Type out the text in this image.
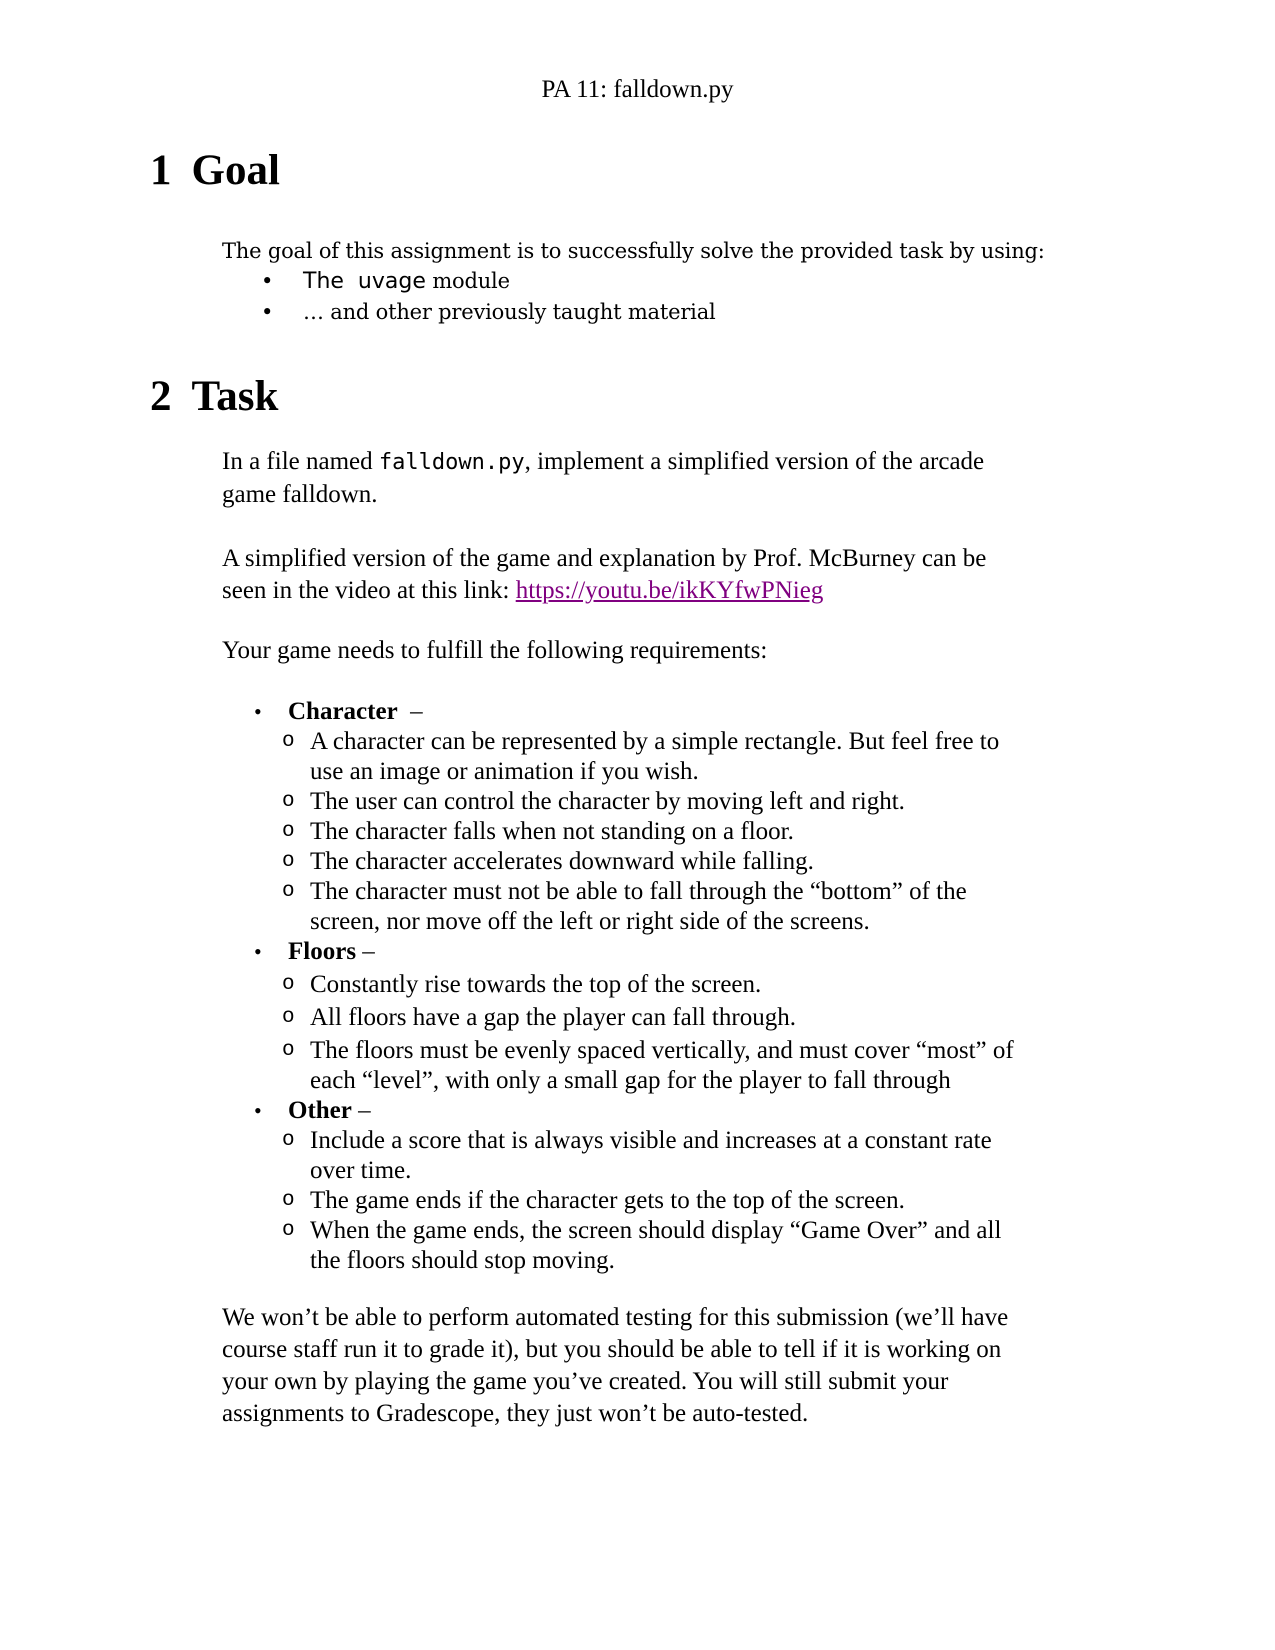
PA 11: falldown.py
1 Goal

The goal of this assignment is to successfully solve the provided task by using:

•	The  uvage module
•	… and other previously taught material
2 Task

In a file named falldown.py, implement a simplified version of the arcade game falldown.

A simplified version of the game and explanation by Prof. McBurney can be seen in the video at this link: https://youtu.be/ikKYfwPNieg

Your game needs to fulfill the following requirements:

•	Character  –
o A character can be represented by a simple rectangle. But feel free to use an image or animation if you wish.
o The user can control the character by moving left and right.
o The character falls when not standing on a floor.
o The character accelerates downward while falling.
o The character must not be able to fall through the “bottom” of the screen, nor move off the left or right side of the screens.
•	Floors –
o Constantly rise towards the top of the screen.
o All floors have a gap the player can fall through.
o The floors must be evenly spaced vertically, and must cover “most” of each “level”, with only a small gap for the player to fall through
•	Other –
o Include a score that is always visible and increases at a constant rate over time.
o The game ends if the character gets to the top of the screen.
o When the game ends, the screen should display “Game Over” and all the floors should stop moving.

We won’t be able to perform automated testing for this submission (we’ll have course staff run it to grade it), but you should be able to tell if it is working on your own by playing the game you’ve created. You will still submit your assignments to Gradescope, they just won’t be auto-tested.
